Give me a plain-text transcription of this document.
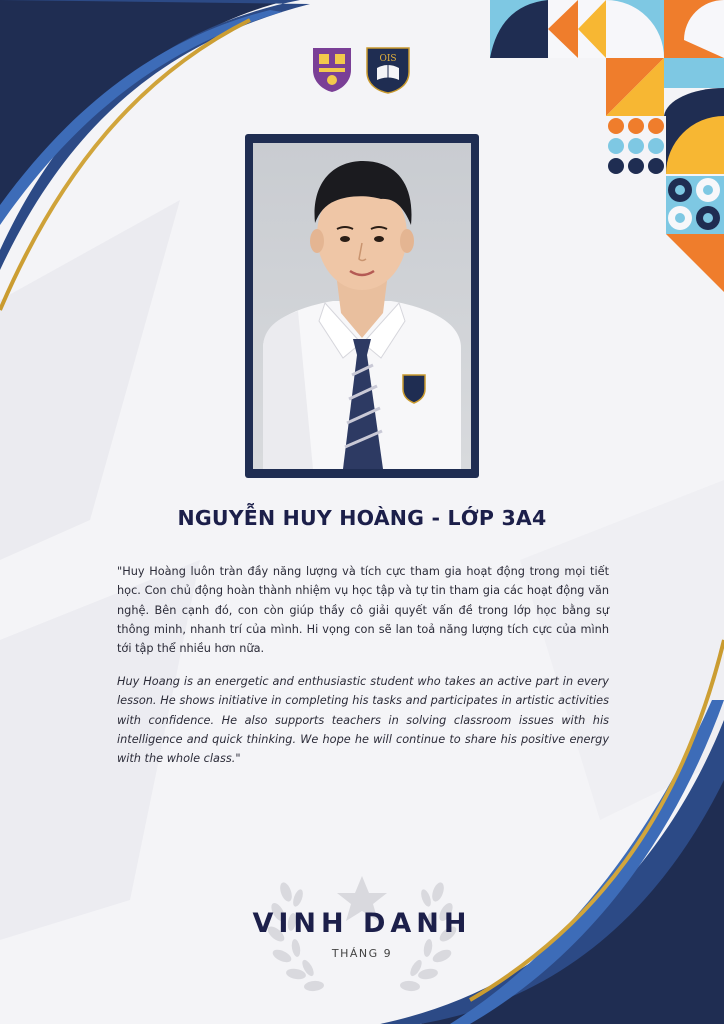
OIS
NGUYỄN HUY HOÀNG - LỚP 3A4
"Huy Hoàng luôn tràn đầy năng lượng và tích cực tham gia hoạt động trong mọi tiết học. Con chủ động hoàn thành nhiệm vụ học tập và tự tin tham gia các hoạt động văn nghệ. Bên cạnh đó, con còn giúp thầy cô giải quyết vấn đề trong lớp học bằng sự thông minh, nhanh trí của mình. Hi vọng con sẽ lan toả năng lượng tích cực của mình tới tập thể nhiều hơn nữa.
Huy Hoang is an energetic and enthusiastic student who takes an active part in every lesson. He shows initiative in completing his tasks and participates in artistic activities with confidence. He also supports teachers in solving classroom issues with his intelligence and quick thinking. We hope he will continue to share his positive energy with the whole class."
VINH DANH
THÁNG 9
